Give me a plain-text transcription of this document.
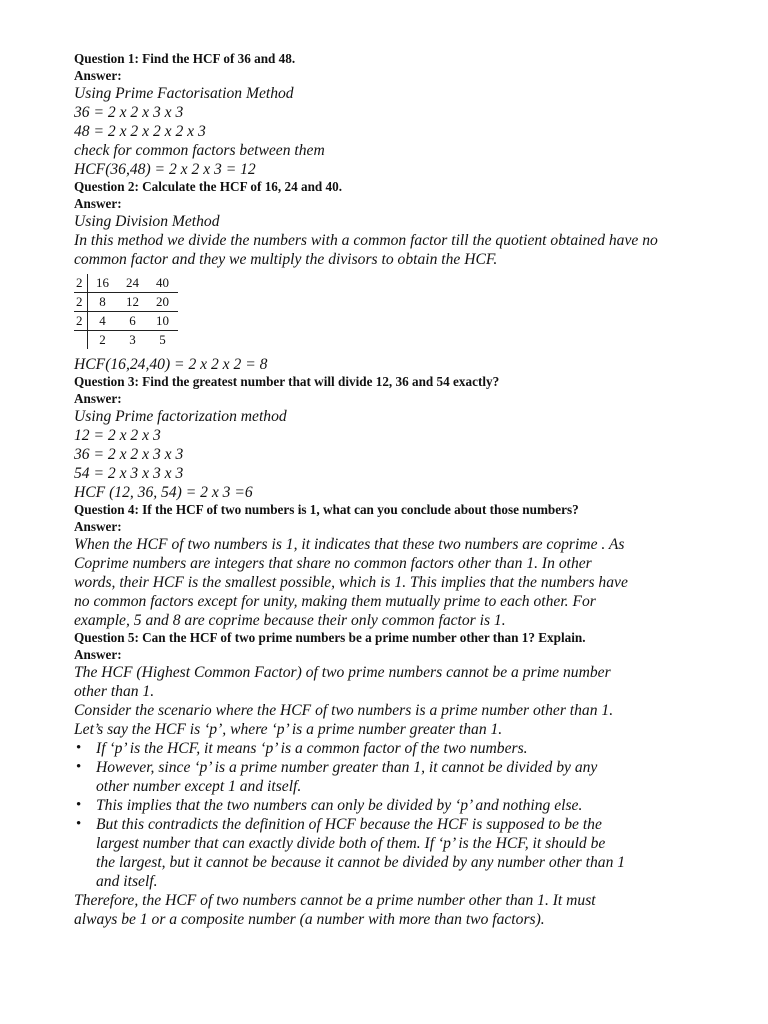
Question 1: Find the HCF of 36 and 48.
Answer:
Using Prime Factorisation Method
36 = 2 x 2 x 3 x 3
48 = 2 x 2 x 2 x 2 x 3
check for common factors between them
HCF(36,48) = 2 x 2 x 3 = 12
Question 2: Calculate the HCF of 16, 24 and 40.
Answer:
Using Division Method
In this method we divide the numbers with a common factor till the quotient obtained have no common factor and they we multiply the divisors to obtain the HCF.
2	16	24	40
2	8	12	20
2	4	6	10
	2	3	5
HCF(16,24,40) = 2 x 2 x 2 = 8
Question 3: Find the greatest number that will divide 12, 36 and 54 exactly?
Answer:
Using Prime factorization method
12 = 2 x 2 x 3
36 = 2 x 2 x 3 x 3
54 = 2 x 3 x 3 x 3
HCF (12, 36, 54) = 2 x 3 =6
Question 4: If the HCF of two numbers is 1, what can you conclude about those numbers?
Answer:
When the HCF of two numbers is 1, it indicates that these two numbers are coprime . As
Coprime numbers are integers that share no common factors other than 1. In other
words, their HCF is the smallest possible, which is 1. This implies that the numbers have
no common factors except for unity, making them mutually prime to each other. For
example, 5 and 8 are coprime because their only common factor is 1.
Question 5: Can the HCF of two prime numbers be a prime number other than 1? Explain.
Answer:
The HCF (Highest Common Factor) of two prime numbers cannot be a prime number
other than 1.
Consider the scenario where the HCF of two numbers is a prime number other than 1.
Let’s say the HCF is ‘p’, where ‘p’ is a prime number greater than 1.
• If ‘p’ is the HCF, it means ‘p’ is a common factor of the two numbers.
• However, since ‘p’ is a prime number greater than 1, it cannot be divided by any
other number except 1 and itself.
• This implies that the two numbers can only be divided by ‘p’ and nothing else.
• But this contradicts the definition of HCF because the HCF is supposed to be the
largest number that can exactly divide both of them. If ‘p’ is the HCF, it should be
the largest, but it cannot be because it cannot be divided by any number other than 1
and itself.
Therefore, the HCF of two numbers cannot be a prime number other than 1. It must
always be 1 or a composite number (a number with more than two factors).
